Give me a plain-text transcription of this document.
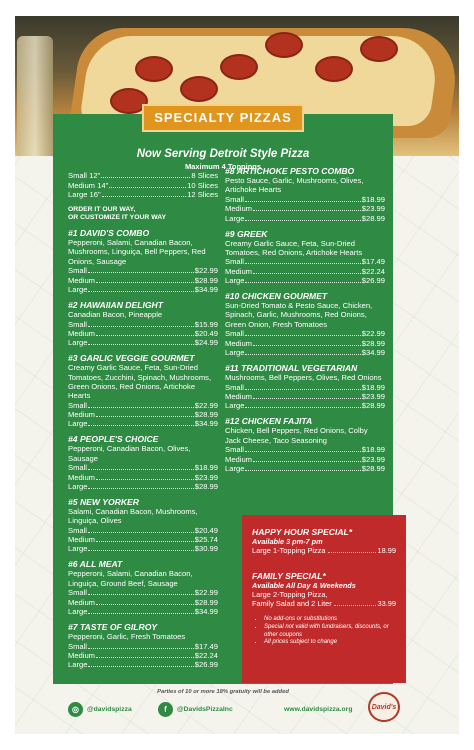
SPECIALTY PIZZAS
Now Serving Detroit Style Pizza
Maximum 4 Toppings
Small 12"	8 Slices
Medium 14"	10 Slices
Large 16"	12 Slices
ORDER IT OUR WAY,
OR CUSTOMIZE IT YOUR WAY
#1 DAVID'S COMBO
Pepperoni, Salami, Canadian Bacon, Mushrooms, Linguiça, Bell Peppers, Red Onions, Sausage
Small	$22.99
Medium	$28.99
Large	$34.99
#2 HAWAIIAN DELIGHT
Canadian Bacon, Pineapple
Small	$15.99
Medium	$20.49
Large	$24.99
#3 GARLIC VEGGIE GOURMET
Creamy Garlic Sauce, Feta, Sun-Dried Tomatoes, Zucchini, Spinach, Mushrooms, Green Onions, Red Onions, Artichoke Hearts
Small	$22.99
Medium	$28.99
Large	$34.99
#4 PEOPLE'S CHOICE
Pepperoni, Canadian Bacon, Olives, Sausage
Small	$18.99
Medium	$23.99
Large	$28.99
#5 NEW YORKER
Salami, Canadian Bacon, Mushrooms, Linguiça, Olives
Small	$20.49
Medium	$25.74
Large	$30.99
#6 ALL MEAT
Pepperoni, Salami, Canadian Bacon, Linguiça, Ground Beef, Sausage
Small	$22.99
Medium	$28.99
Large	$34.99
#7 TASTE OF GILROY
Pepperoni, Garlic, Fresh Tomatoes
Small	$17.49
Medium	$22.24
Large	$26.99
#8 ARTICHOKE PESTO COMBO
Pesto Sauce, Garlic, Mushrooms, Olives, Artichoke Hearts
Small	$18.99
Medium	$23.99
Large	$28.99
#9 GREEK
Creamy Garlic Sauce, Feta, Sun-Dried Tomatoes, Red Onions, Artichoke Hearts
Small	$17.49
Medium	$22.24
Large	$26.99
#10 CHICKEN GOURMET
Sun-Dried Tomato & Pesto Sauce, Chicken, Spinach, Garlic, Mushrooms, Red Onions, Green Onion, Fresh Tomatoes
Small	$22.99
Medium	$28.99
Large	$34.99
#11 TRADITIONAL VEGETARIAN
Mushrooms, Bell Peppers, Olives, Red Onions
Small	$18.99
Medium	$23.99
Large	$28.99
#12 CHICKEN FAJITA
Chicken, Bell Peppers, Red Onions, Colby Jack Cheese, Taco Seasoning
Small	$18.99
Medium	$23.99
Large	$28.99
HAPPY HOUR SPECIAL*
Available 3 pm-7 pm
Large 1-Topping Pizza	18.99
FAMILY SPECIAL*
Available All Day & Weekends
Large 2-Topping Pizza,
Family Salad and 2 Liter	33.99
• No add-ons or substitutions
• Special not valid with fundraisers, discounts, or other coupons
• All prices subject to change
Parties of 10 or more 18% gratuity will be added
◎	@davidspizza	f	@DavidsPizzaInc	www.davidspizza.org	David's
